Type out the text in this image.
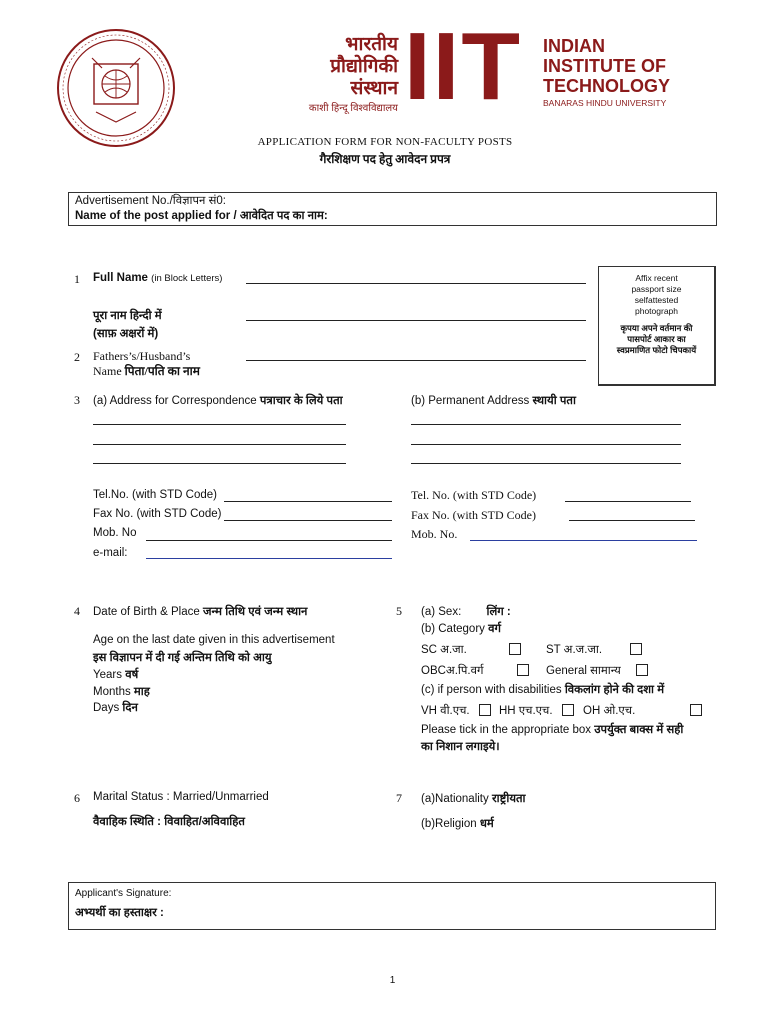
भारतीय
प्रौद्योगिकी
संस्थान
काशी हिन्दू विश्वविद्यालय IIT INDIAN
INSTITUTE OF
TECHNOLOGY
BANARAS HINDU UNIVERSITY
APPLICATION FORM FOR NON-FACULTY POSTS
गैरशिक्षण पद हेतु आवेदन प्रपत्र
Advertisement No./विज्ञापन सं0:
Name of the post applied for / आवेदित पद का नाम:
Affix recent
passport size
selfattested
photograph
कृपया अपने वर्तमान की पासपोर्ट आकार का स्वप्रमाणित फोटो चिपकायें
1 Full Name (in Block Letters)
पूरा नाम हिन्दी में
(साफ़ अक्षरों में)
2 Fathers’s/Husband’s
Name पिता/पति का नाम
3 (a) Address for Correspondence पत्राचार के लिये पता	(b) Permanent Address स्थायी पता
Tel.No. (with STD Code)
Fax No. (with STD Code)
Mob. No
e-mail:
Tel. No. (with STD Code)
Fax No. (with STD Code)
Mob. No.
4 Date of Birth & Place जन्म तिथि एवं जन्म स्थान
Age on the last date given in this advertisement
इस विज्ञापन में दी गई अन्तिम तिथि को आयु
Years वर्ष
Months माह
Days दिन
5 (a) Sex: लिंग :
(b) Category वर्ग
SC अ.जा.	ST अ.ज.जा.
OBCअ.पि.वर्ग	General सामान्य
(c) if person with disabilities विकलांग होने की दशा में
VH वी.एच.	HH एच.एच.	OH ओ.एच.
Please tick in the appropriate box उपर्युक्त बाक्स में सही
का निशान लगाइये।
6 Marital Status : Married/Unmarried
वैवाहिक स्थिति : विवाहित/अविवाहित
7 (a)Nationality राष्ट्रीयता
(b)Religion धर्म
Applicant's Signature:
अभ्यर्थी का हस्ताक्षर :
1
